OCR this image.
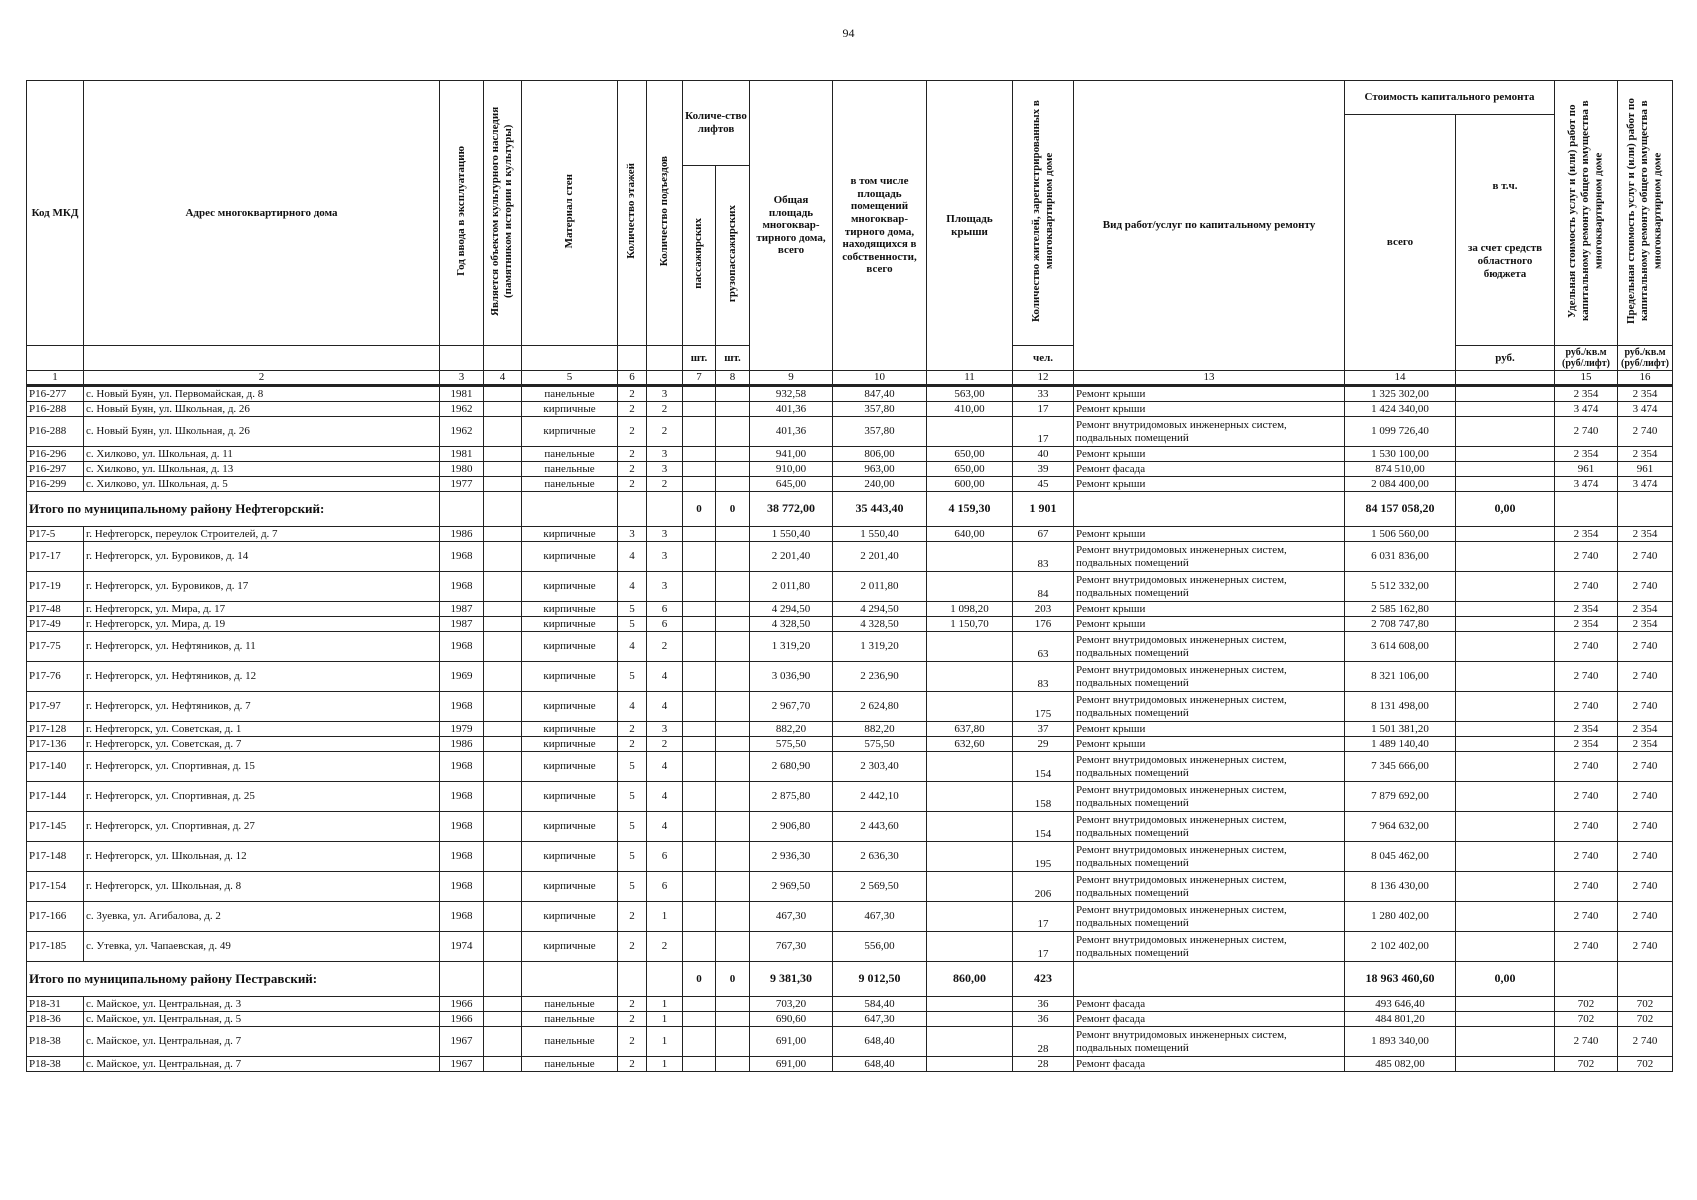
94
Код МКД	Адрес многоквартирного дома	Год ввода в эксплуатацию	Является объектом культурного наследия (памятником истории и культуры)	Материал стен	Количество этажей	Количество подъездов	Количе-ство лифтов		Общая площадь многоквар-тирного дома, всего	в том числе площадь помещений многоквар-тирного дома, находящихся в собственности, всего	Площадь крыши	Количество жителей, зарегистрированных в многоквартирном доме	Вид работ/услуг по капитальному ремонту	Стоимость капитального ремонта		Удельная стоимость услуг и (или) работ по капитальному ремонту общего имущества в многоквартирном доме	Предельная стоимость услуг и (или) работ по капитальному ремонту общего имущества в многоквартирном доме
														всего	в т.ч.
за счет средств областного бюджета		

							пассажирских	грузопассажирских									
							шт.	шт.				чел.			руб.	руб./кв.м (руб/лифт)	руб./кв.м (руб/лифт)
1	2	3	4	5	6		7	8	9	10	11	12	13	14		15	16
Р16-277	с. Новый Буян, ул. Первомайская, д. 8	1981		панельные	2	3			932,58	847,40	563,00	33	Ремонт крыши	1 325 302,00		2 354	2 354
Р16-288	с. Новый Буян, ул. Школьная, д. 26	1962		кирпичные	2	2			401,36	357,80	410,00	17	Ремонт крыши	1 424 340,00		3 474	3 474
Р16-288	с. Новый Буян, ул. Школьная, д. 26	1962		кирпичные	2	2			401,36	357,80		17	Ремонт внутридомовых инженерных систем, подвальных помещений	1 099 726,40		2 740	2 740
Р16-296	с. Хилково, ул. Школьная, д. 11	1981		панельные	2	3			941,00	806,00	650,00	40	Ремонт крыши	1 530 100,00		2 354	2 354
Р16-297	с. Хилково, ул. Школьная, д. 13	1980		панельные	2	3			910,00	963,00	650,00	39	Ремонт фасада	874 510,00		961	961
Р16-299	с. Хилково, ул. Школьная, д. 5	1977		панельные	2	2			645,00	240,00	600,00	45	Ремонт крыши	2 084 400,00		3 474	3 474
Итого по муниципальному району Нефтегорский:							0	0	38 772,00	35 443,40	4 159,30	1 901		84 157 058,20	0,00		
Р17-5	г. Нефтегорск, переулок Строителей, д. 7	1986		кирпичные	3	3			1 550,40	1 550,40	640,00	67	Ремонт крыши	1 506 560,00		2 354	2 354
Р17-17	г. Нефтегорск, ул. Буровиков, д. 14	1968		кирпичные	4	3			2 201,40	2 201,40		83	Ремонт внутридомовых инженерных систем, подвальных помещений	6 031 836,00		2 740	2 740
Р17-19	г. Нефтегорск, ул. Буровиков, д. 17	1968		кирпичные	4	3			2 011,80	2 011,80		84	Ремонт внутридомовых инженерных систем, подвальных помещений	5 512 332,00		2 740	2 740
Р17-48	г. Нефтегорск, ул. Мира, д. 17	1987		кирпичные	5	6			4 294,50	4 294,50	1 098,20	203	Ремонт крыши	2 585 162,80		2 354	2 354
Р17-49	г. Нефтегорск, ул. Мира, д. 19	1987		кирпичные	5	6			4 328,50	4 328,50	1 150,70	176	Ремонт крыши	2 708 747,80		2 354	2 354
Р17-75	г. Нефтегорск, ул. Нефтяников, д. 11	1968		кирпичные	4	2			1 319,20	1 319,20		63	Ремонт внутридомовых инженерных систем, подвальных помещений	3 614 608,00		2 740	2 740
Р17-76	г. Нефтегорск, ул. Нефтяников, д. 12	1969		кирпичные	5	4			3 036,90	2 236,90		83	Ремонт внутридомовых инженерных систем, подвальных помещений	8 321 106,00		2 740	2 740
Р17-97	г. Нефтегорск, ул. Нефтяников, д. 7	1968		кирпичные	4	4			2 967,70	2 624,80		175	Ремонт внутридомовых инженерных систем, подвальных помещений	8 131 498,00		2 740	2 740
Р17-128	г. Нефтегорск, ул. Советская, д. 1	1979		кирпичные	2	3			882,20	882,20	637,80	37	Ремонт крыши	1 501 381,20		2 354	2 354
Р17-136	г. Нефтегорск, ул. Советская, д. 7	1986		кирпичные	2	2			575,50	575,50	632,60	29	Ремонт крыши	1 489 140,40		2 354	2 354
Р17-140	г. Нефтегорск, ул. Спортивная, д. 15	1968		кирпичные	5	4			2 680,90	2 303,40		154	Ремонт внутридомовых инженерных систем, подвальных помещений	7 345 666,00		2 740	2 740
Р17-144	г. Нефтегорск, ул. Спортивная, д. 25	1968		кирпичные	5	4			2 875,80	2 442,10		158	Ремонт внутридомовых инженерных систем, подвальных помещений	7 879 692,00		2 740	2 740
Р17-145	г. Нефтегорск, ул. Спортивная, д. 27	1968		кирпичные	5	4			2 906,80	2 443,60		154	Ремонт внутридомовых инженерных систем, подвальных помещений	7 964 632,00		2 740	2 740
Р17-148	г. Нефтегорск, ул. Школьная, д. 12	1968		кирпичные	5	6			2 936,30	2 636,30		195	Ремонт внутридомовых инженерных систем, подвальных помещений	8 045 462,00		2 740	2 740
Р17-154	г. Нефтегорск, ул. Школьная, д. 8	1968		кирпичные	5	6			2 969,50	2 569,50		206	Ремонт внутридомовых инженерных систем, подвальных помещений	8 136 430,00		2 740	2 740
Р17-166	с. Зуевка, ул. Агибалова, д. 2	1968		кирпичные	2	1			467,30	467,30		17	Ремонт внутридомовых инженерных систем, подвальных помещений	1 280 402,00		2 740	2 740
Р17-185	с. Утевка, ул. Чапаевская, д. 49	1974		кирпичные	2	2			767,30	556,00		17	Ремонт внутридомовых инженерных систем, подвальных помещений	2 102 402,00		2 740	2 740
Итого по муниципальному району Пестравский:							0	0	9 381,30	9 012,50	860,00	423		18 963 460,60	0,00		
Р18-31	с. Майское, ул. Центральная, д. 3	1966		панельные	2	1			703,20	584,40		36	Ремонт фасада	493 646,40		702	702
Р18-36	с. Майское, ул. Центральная, д. 5	1966		панельные	2	1			690,60	647,30		36	Ремонт фасада	484 801,20		702	702
Р18-38	с. Майское, ул. Центральная, д. 7	1967		панельные	2	1			691,00	648,40		28	Ремонт внутридомовых инженерных систем, подвальных помещений	1 893 340,00		2 740	2 740
Р18-38	с. Майское, ул. Центральная, д. 7	1967		панельные	2	1			691,00	648,40		28	Ремонт фасада	485 082,00		702	702
